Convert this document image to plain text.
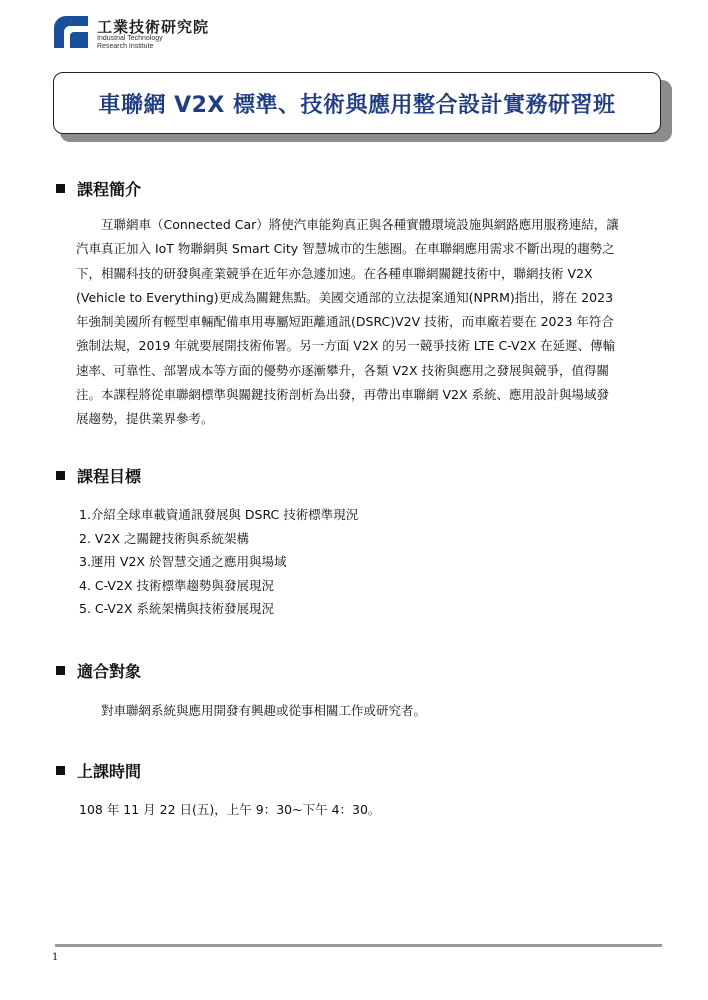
工業技術研究院
Industrial Technology
Research Institute
車聯網 V2X 標準、技術與應用整合設計實務研習班
課程簡介
互聯網車（Connected Car）將使汽車能夠真正與各種實體環境設施與網路應用服務連結，讓
汽車真正加入 IoT 物聯網與 Smart City 智慧城市的生態圈。在車聯網應用需求不斷出現的趨勢之
下，相關科技的研發與產業競爭在近年亦急遽加速。在各種車聯網關鍵技術中，聯網技術 V2X
(Vehicle to Everything)更成為關鍵焦點。美國交通部的立法提案通知(NPRM)指出，將在 2023
年強制美國所有輕型車輛配備車用專屬短距離通訊(DSRC)V2V 技術，而車廠若要在 2023 年符合
強制法規，2019 年就要展開技術佈署。另一方面 V2X 的另一競爭技術 LTE C-V2X 在延遲、傳輸
速率、可靠性、部署成本等方面的優勢亦逐漸攀升，各類 V2X 技術與應用之發展與競爭，值得關
注。本課程將從車聯網標準與關鍵技術剖析為出發，再帶出車聯網 V2X 系統、應用設計與場域發
展趨勢，提供業界參考。
課程目標
1.介紹全球車載資通訊發展與 DSRC 技術標準現況
2. V2X 之關鍵技術與系統架構
3.運用 V2X 於智慧交通之應用與場域
4. C-V2X 技術標準趨勢與發展現況
5. C-V2X 系統架構與技術發展現況
適合對象
對車聯網系統與應用開發有興趣或從事相關工作或研究者。
上課時間
108 年 11 月 22 日(五)，上午 9：30~下午 4：30。
1
